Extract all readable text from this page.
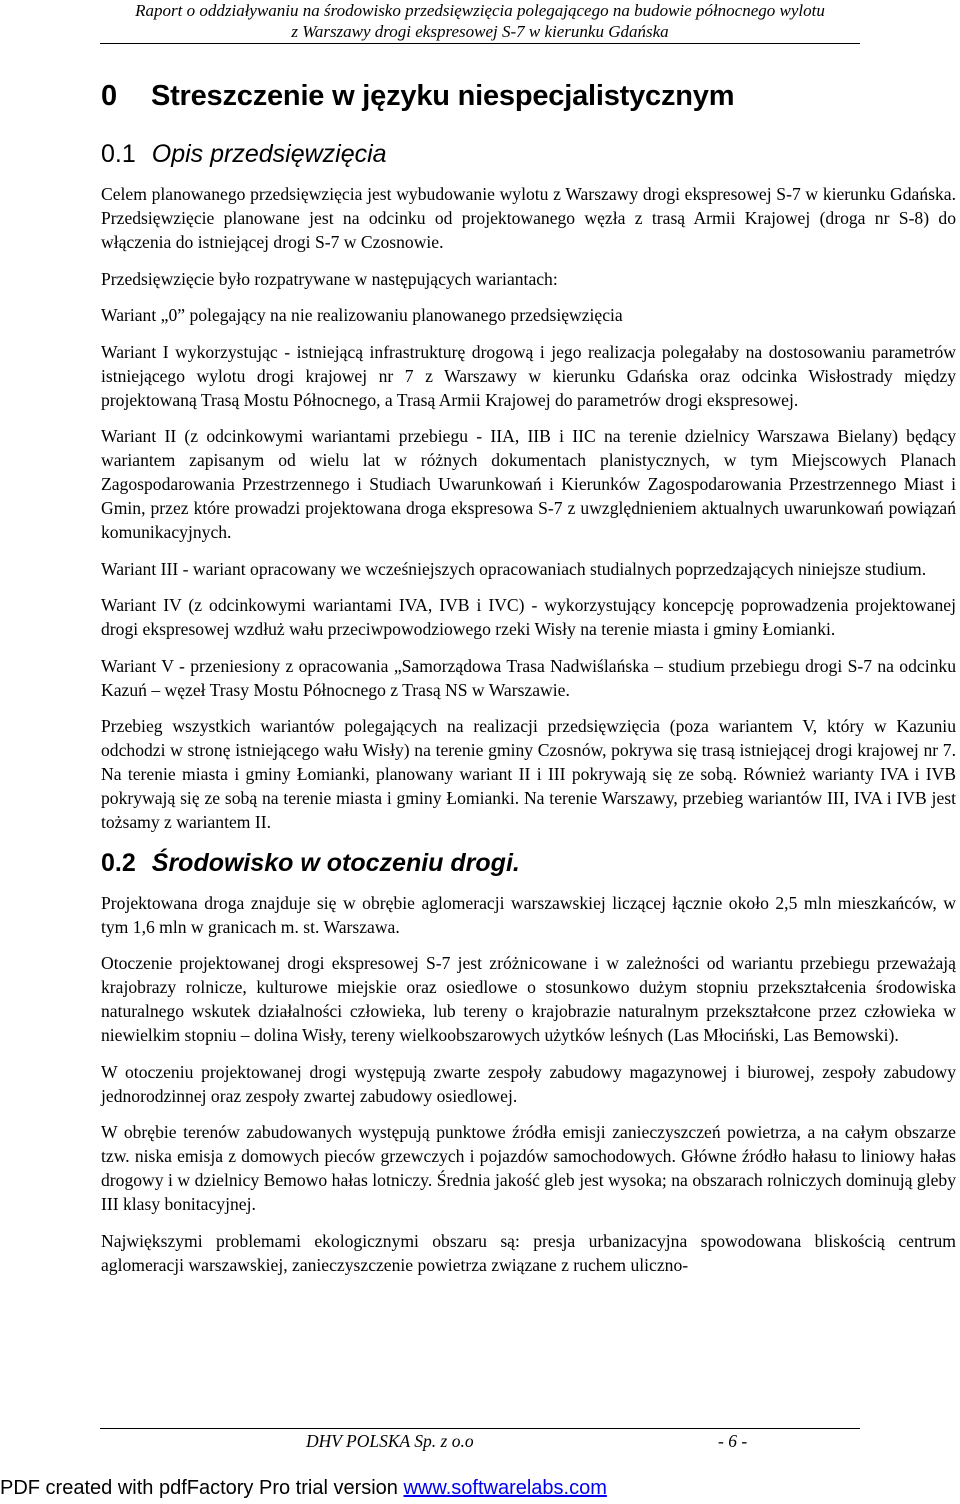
Raport o oddziaływaniu na środowisko przedsięwzięcia polegającego na budowie północnego wylotu
z Warszawy drogi ekspresowej S-7 w kierunku Gdańska
0 Streszczenie w języku niespecjalistycznym
0.1 Opis przedsięwzięcia

Celem planowanego przedsięwzięcia jest wybudowanie wylotu z Warszawy drogi ekspresowej S-7 w kierunku Gdańska. Przedsięwzięcie planowane jest na odcinku od projektowanego węzła z trasą Armii Krajowej (droga nr S-8) do włączenia do istniejącej drogi S-7 w Czosnowie.

Przedsięwzięcie było rozpatrywane w następujących wariantach:

Wariant „0” polegający na nie realizowaniu planowanego przedsięwzięcia

Wariant I wykorzystując - istniejącą infrastrukturę drogową i jego realizacja polegałaby na dostosowaniu parametrów istniejącego wylotu drogi krajowej nr 7 z Warszawy w kierunku Gdańska oraz odcinka Wisłostrady między projektowaną Trasą Mostu Północnego, a Trasą Armii Krajowej do parametrów drogi ekspresowej.

Wariant II (z odcinkowymi wariantami przebiegu - IIA, IIB i IIC na terenie dzielnicy Warszawa Bielany) będący wariantem zapisanym od wielu lat w różnych dokumentach planistycznych, w tym Miejscowych Planach Zagospodarowania Przestrzennego i Studiach Uwarunkowań i Kierunków Zagospodarowania Przestrzennego Miast i Gmin, przez które prowadzi projektowana droga ekspresowa S-7 z uwzględnieniem aktualnych uwarunkowań powiązań komunikacyjnych.

Wariant III - wariant opracowany we wcześniejszych opracowaniach studialnych poprzedzających niniejsze studium.

Wariant IV (z odcinkowymi wariantami IVA, IVB i IVC) - wykorzystujący koncepcję poprowadzenia projektowanej drogi ekspresowej wzdłuż wału przeciwpowodziowego rzeki Wisły na terenie miasta i gminy Łomianki.

Wariant V - przeniesiony z opracowania „Samorządowa Trasa Nadwiślańska – studium przebiegu drogi S-7 na odcinku Kazuń – węzeł Trasy Mostu Północnego z Trasą NS w Warszawie.

Przebieg wszystkich wariantów polegających na realizacji przedsięwzięcia (poza wariantem V, który w Kazuniu odchodzi w stronę istniejącego wału Wisły) na terenie gminy Czosnów, pokrywa się trasą istniejącej drogi krajowej nr 7. Na terenie miasta i gminy Łomianki, planowany wariant II i III pokrywają się ze sobą. Również warianty IVA i IVB pokrywają się ze sobą na terenie miasta i gminy Łomianki. Na terenie Warszawy, przebieg wariantów III, IVA i IVB jest tożsamy z wariantem II.

0.2 Środowisko w otoczeniu drogi.

Projektowana droga znajduje się w obrębie aglomeracji warszawskiej liczącej łącznie około 2,5 mln mieszkańców, w tym 1,6 mln w granicach m. st. Warszawa.

Otoczenie projektowanej drogi ekspresowej S-7 jest zróżnicowane i w zależności od wariantu przebiegu przeważają krajobrazy rolnicze, kulturowe miejskie oraz osiedlowe o stosunkowo dużym stopniu przekształcenia środowiska naturalnego wskutek działalności człowieka, lub tereny o krajobrazie naturalnym przekształcone przez człowieka w niewielkim stopniu – dolina Wisły, tereny wielkoobszarowych użytków leśnych (Las Młociński, Las Bemowski).

W otoczeniu projektowanej drogi występują zwarte zespoły zabudowy magazynowej i biurowej, zespoły zabudowy jednorodzinnej oraz zespoły zwartej zabudowy osiedlowej.

W obrębie terenów zabudowanych występują punktowe źródła emisji zanieczyszczeń powietrza, a na całym obszarze tzw. niska emisja z domowych pieców grzewczych i pojazdów samochodowych. Główne źródło hałasu to liniowy hałas drogowy i w dzielnicy Bemowo hałas lotniczy. Średnia jakość gleb jest wysoka; na obszarach rolniczych dominują gleby III klasy bonitacyjnej.

Największymi problemami ekologicznymi obszaru są: presja urbanizacyjna spowodowana bliskością centrum aglomeracji warszawskiej, zanieczyszczenie powietrza związane z ruchem ulicznо-

DHV POLSKA Sp. z o.o	- 6 -
PDF created with pdfFactory Pro trial version www.softwarelabs.com
